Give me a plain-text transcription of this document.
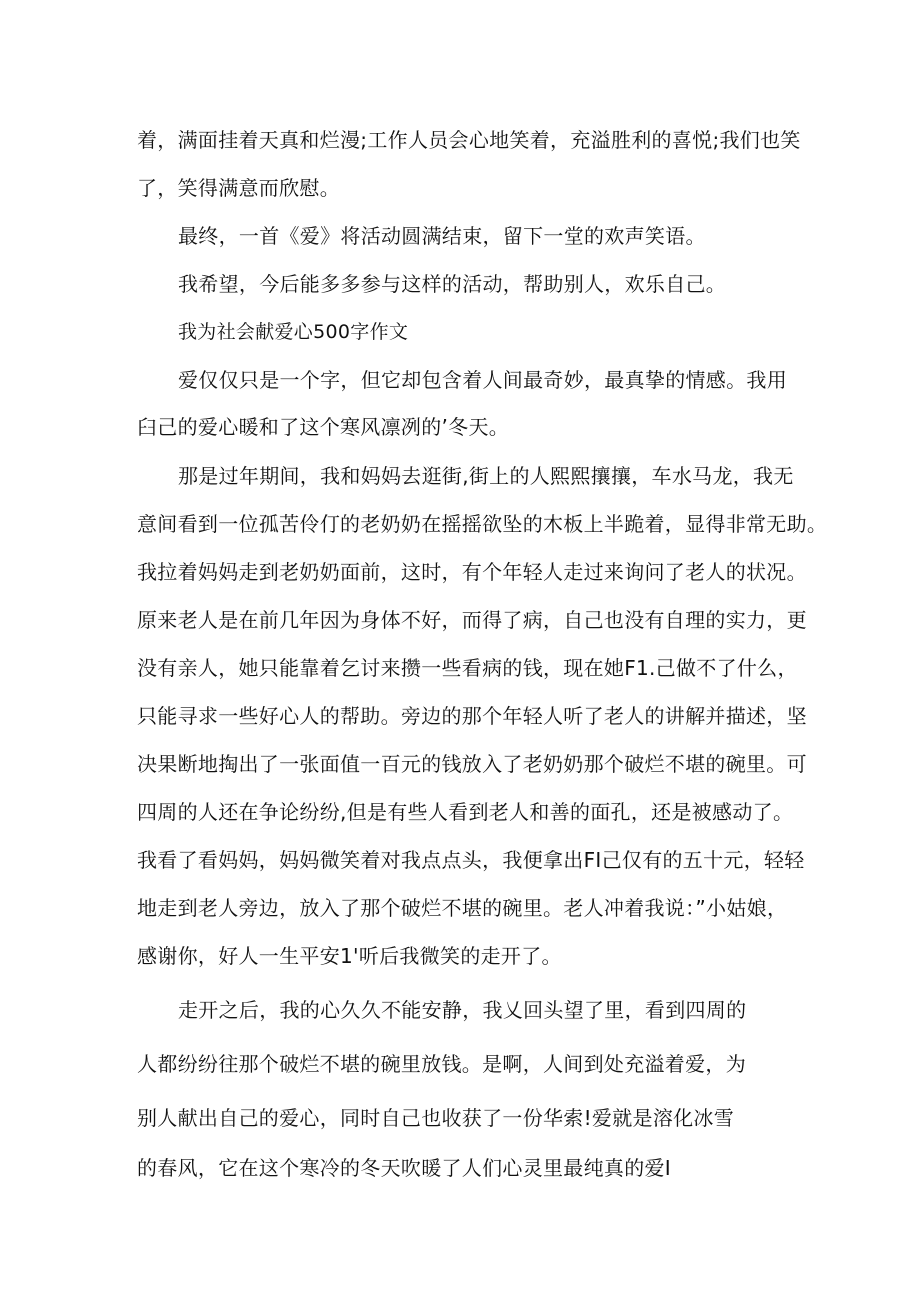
着，满面挂着天真和烂漫;工作人员会心地笑着，充溢胜利的喜悦;我们也笑

了，笑得满意而欣慰。

最终，一首《爱》将活动圆满结束，留下一堂的欢声笑语。

我希望，今后能多多参与这样的活动，帮助别人，欢乐自己。

我为社会献爱心500字作文

爱仅仅只是一个字，但它却包含着人间最奇妙，最真挚的情感。我用

臼己的爱心暖和了这个寒风凛冽的’冬天。

那是过年期间，我和妈妈去逛街,街上的人熙熙攘攘，车水马龙，我无

意间看到一位孤苦伶仃的老奶奶在摇摇欲坠的木板上半跪着，显得非常无助。

我拉着妈妈走到老奶奶面前，这时，有个年轻人走过来询问了老人的状况。

原来老人是在前几年因为身体不好，而得了病，自己也没有自理的实力，更

没有亲人，她只能靠着乞讨来攒一些看病的钱，现在她F1.己做不了什么，

只能寻求一些好心人的帮助。旁边的那个年轻人听了老人的讲解并描述，坚

决果断地掏出了一张面值一百元的钱放入了老奶奶那个破烂不堪的碗里。可

四周的人还在争论纷纷,但是有些人看到老人和善的面孔，还是被感动了。

我看了看妈妈，妈妈微笑着对我点点头，我便拿出FI己仅有的五十元，轻轻

地走到老人旁边，放入了那个破烂不堪的碗里。老人冲着我说：”小姑娘，

感谢你，好人一生平安1'听后我微笑的走开了。

走开之后，我的心久久不能安静，我乂回头望了里，看到四周的

人都纷纷往那个破烂不堪的碗里放钱。是啊，人间到处充溢着爱，为

别人献出自己的爱心，同时自己也收获了一份华索!爱就是溶化冰雪

的春风，它在这个寒冷的冬天吹暖了人们心灵里最纯真的爱I
